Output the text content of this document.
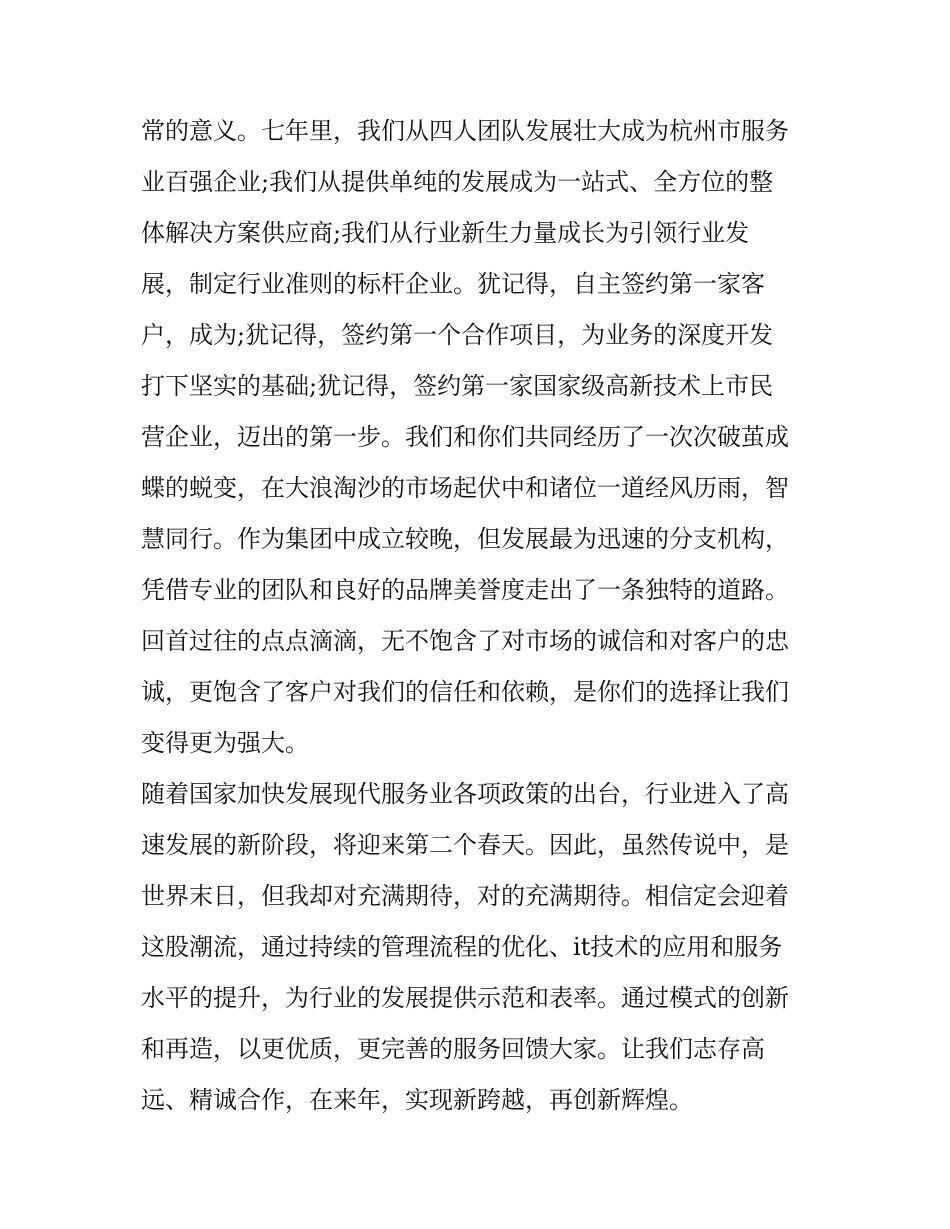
常的意义。七年里，我们从四人团队发展壮大成为杭州市服务
业百强企业;我们从提供单纯的发展成为一站式、全方位的整
体解决方案供应商;我们从行业新生力量成长为引领行业发
展，制定行业准则的标杆企业。犹记得，自主签约第一家客
户，成为;犹记得，签约第一个合作项目，为业务的深度开发
打下坚实的基础;犹记得，签约第一家国家级高新技术上市民
营企业，迈出的第一步。我们和你们共同经历了一次次破茧成
蝶的蜕变，在大浪淘沙的市场起伏中和诸位一道经风历雨，智
慧同行。作为集团中成立较晚，但发展最为迅速的分支机构，
凭借专业的团队和良好的品牌美誉度走出了一条独特的道路。
回首过往的点点滴滴，无不饱含了对市场的诚信和对客户的忠
诚，更饱含了客户对我们的信任和依赖，是你们的选择让我们
变得更为强大。
随着国家加快发展现代服务业各项政策的出台，行业进入了高
速发展的新阶段，将迎来第二个春天。因此，虽然传说中，是
世界末日，但我却对充满期待，对的充满期待。相信定会迎着
这股潮流，通过持续的管理流程的优化、it技术的应用和服务
水平的提升，为行业的发展提供示范和表率。通过模式的创新
和再造，以更优质，更完善的服务回馈大家。让我们志存高
远、精诚合作，在来年，实现新跨越，再创新辉煌。
